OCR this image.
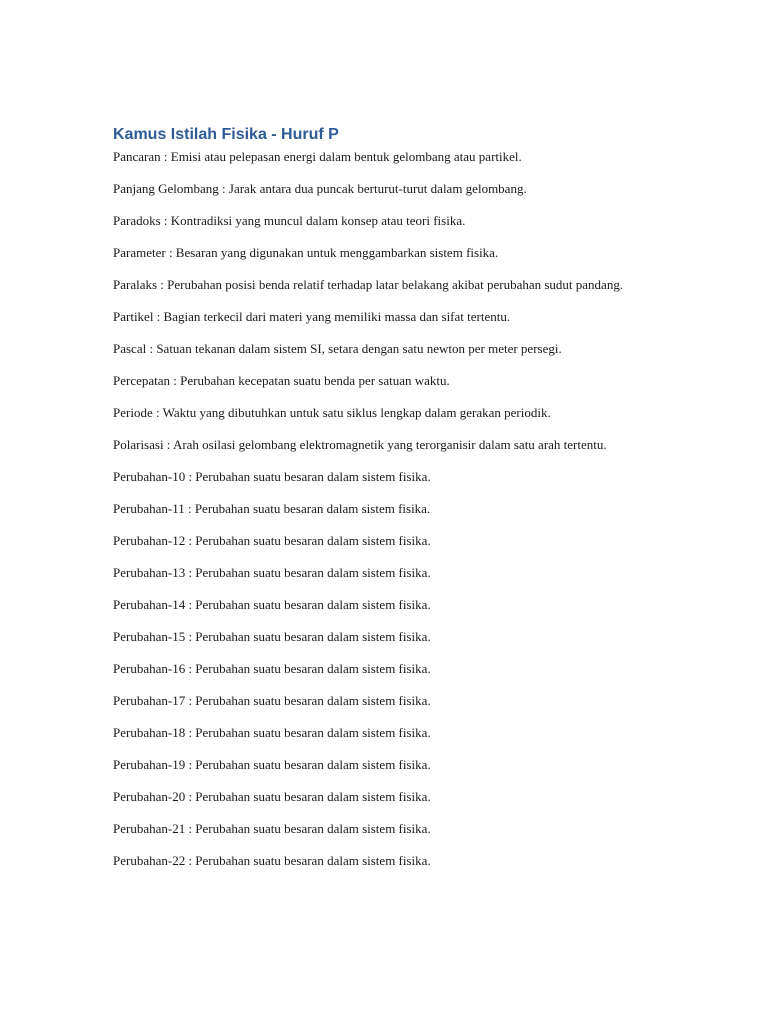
Kamus Istilah Fisika - Huruf P
Pancaran : Emisi atau pelepasan energi dalam bentuk gelombang atau partikel.
Panjang Gelombang : Jarak antara dua puncak berturut-turut dalam gelombang.
Paradoks : Kontradiksi yang muncul dalam konsep atau teori fisika.
Parameter : Besaran yang digunakan untuk menggambarkan sistem fisika.
Paralaks : Perubahan posisi benda relatif terhadap latar belakang akibat perubahan sudut pandang.
Partikel : Bagian terkecil dari materi yang memiliki massa dan sifat tertentu.
Pascal : Satuan tekanan dalam sistem SI, setara dengan satu newton per meter persegi.
Percepatan : Perubahan kecepatan suatu benda per satuan waktu.
Periode : Waktu yang dibutuhkan untuk satu siklus lengkap dalam gerakan periodik.
Polarisasi : Arah osilasi gelombang elektromagnetik yang terorganisir dalam satu arah tertentu.
Perubahan-10 : Perubahan suatu besaran dalam sistem fisika.
Perubahan-11 : Perubahan suatu besaran dalam sistem fisika.
Perubahan-12 : Perubahan suatu besaran dalam sistem fisika.
Perubahan-13 : Perubahan suatu besaran dalam sistem fisika.
Perubahan-14 : Perubahan suatu besaran dalam sistem fisika.
Perubahan-15 : Perubahan suatu besaran dalam sistem fisika.
Perubahan-16 : Perubahan suatu besaran dalam sistem fisika.
Perubahan-17 : Perubahan suatu besaran dalam sistem fisika.
Perubahan-18 : Perubahan suatu besaran dalam sistem fisika.
Perubahan-19 : Perubahan suatu besaran dalam sistem fisika.
Perubahan-20 : Perubahan suatu besaran dalam sistem fisika.
Perubahan-21 : Perubahan suatu besaran dalam sistem fisika.
Perubahan-22 : Perubahan suatu besaran dalam sistem fisika.
